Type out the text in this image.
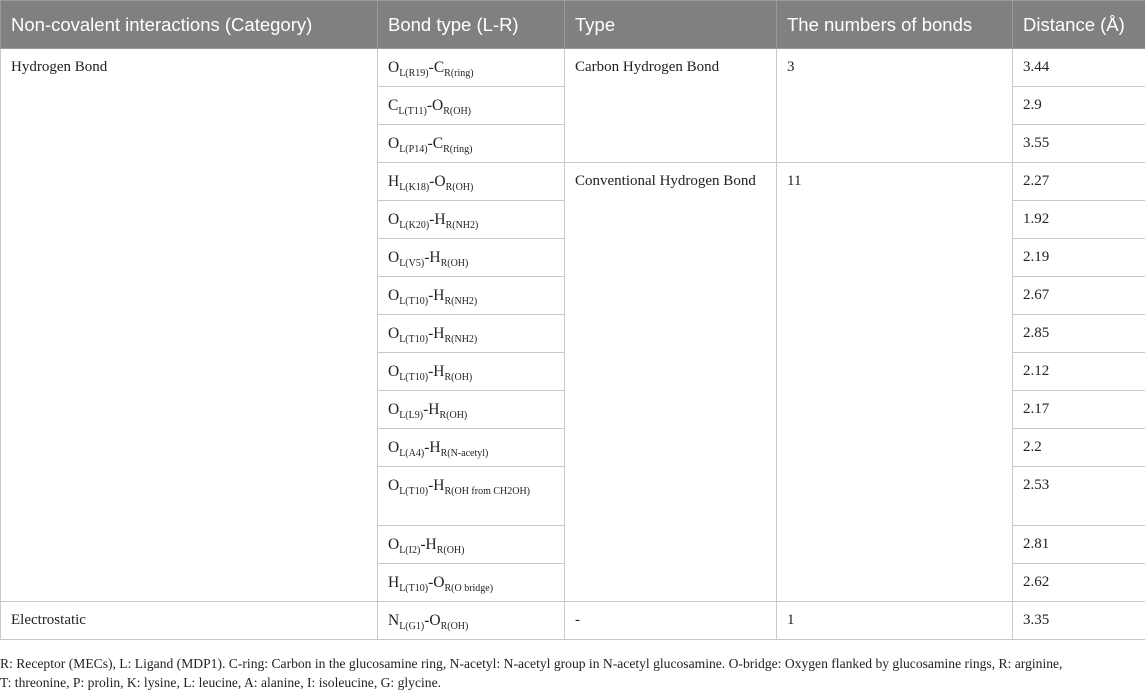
Non-covalent interactions (Category)	Bond type (L-R)	Type	The numbers of bonds	Distance (Å)
Hydrogen Bond	$O_{L(R19)}-C_{R(ring)}$	Carbon Hydrogen Bond	3	3.44
	$C_{L(T11)}-O_{R(OH)}$			2.9
	$O_{L(P14)}-C_{R(ring)}$			3.55
	$H_{L(K18)}-O_{R(OH)}$	Conventional Hydrogen Bond	11	2.27
	$O_{L(K20)}-H_{R(NH2)}$			1.92
	$O_{L(V5)}-H_{R(OH)}$			2.19
	$O_{L(T10)}-H_{R(NH2)}$			2.67
	$O_{L(T10)}-H_{R(NH2)}$			2.85
	$O_{L(T10)}-H_{R(OH)}$			2.12
	$O_{L(L9)}-H_{R(OH)}$			2.17
	$O_{L(A4)}-H_{R(N-acetyl)}$			2.2
	$O_{L(T10)}-H_{R(OH from CH2OH)}$			2.53
	$O_{L(I2)}-H_{R(OH)}$			2.81
	$H_{L(T10)}-O_{R(O bridge)}$			2.62
Electrostatic	$N_{L(G1)}-O_{R(OH)}$	-	1	3.35
R: Receptor (MECs), L: Ligand (MDP1). C-ring: Carbon in the glucosamine ring, N-acetyl: N-acetyl group in N-acetyl glucosamine. O-bridge: Oxygen flanked by glucosamine rings, R: arginine,
T: threonine, P: prolin, K: lysine, L: leucine, A: alanine, I: isoleucine, G: glycine.
